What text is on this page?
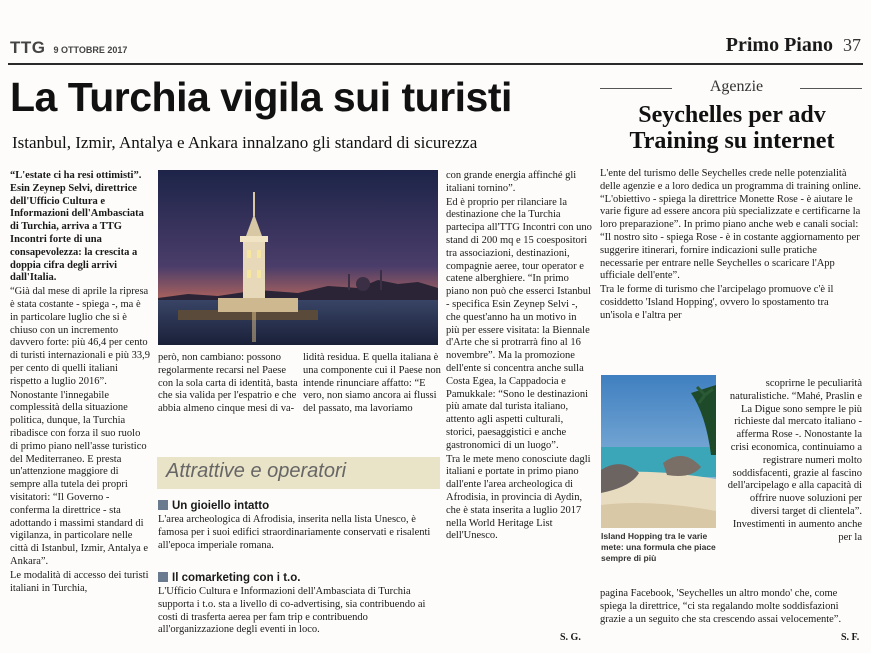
TTG 9 OTTOBRE 2017	Primo Piano 37
La Turchia vigila sui turisti
Istanbul, Izmir, Antalya e Ankara innalzano gli standard di sicurezza

“L'estate ci ha resi ottimisti”. Esin Zeynep Selvi, direttrice dell'Ufficio Cultura e Informazioni dell'Ambasciata di Turchia, arriva a TTG Incontri forte di una consapevolezza: la crescita a doppia cifra degli arrivi dall'Italia.

“Già dal mese di aprile la ripresa è stata costante - spiega -, ma è in particolare luglio che si è chiuso con un incremento davvero forte: più 46,4 per cento di turisti internazionali e più 33,9 per cento di quelli italiani rispetto a luglio 2016”.

Nonostante l'innegabile complessità della situazione politica, dunque, la Turchia ribadisce con forza il suo ruolo di primo piano nell'asse turistico del Mediterraneo. E presta un'attenzione maggiore di sempre alla tutela dei propri visitatori: “Il Governo - conferma la direttrice - sta adottando i massimi standard di vigilanza, in particolare nelle città di Istanbul, Izmir, Antalya e Ankara”.

Le modalità di accesso dei turisti italiani in Turchia,

però, non cambiano: possono regolarmente recarsi nel Paese con la sola carta di identità, basta che sia valida per l'espatrio e che abbia almeno cinque mesi di va-

lidità residua. E quella italiana è una componente cui il Paese non intende rinunciare affatto: “E vero, non siamo ancora ai flussi del passato, ma lavoriamo

Attrattive e operatori
Un gioiello intatto
L'area archeologica di Afrodisia, inserita nella lista Unesco, è famosa per i suoi edifici straordinariamente conservati e risalenti all'epoca imperiale romana.
Il comarketing con i t.o.
L'Ufficio Cultura e Informazioni dell'Ambasciata di Turchia supporta i t.o. sta a livello di co-advertising, sia contribuendo ai costi di trasferta aerea per fam trip e contribuendo all'organizzazione degli eventi in loco.

con grande energia affinché gli italiani tornino”.

Ed è proprio per rilanciare la destinazione che la Turchia partecipa all'TTG Incontri con uno stand di 200 mq e 15 coespositori tra associazioni, destinazioni, compagnie aeree, tour operator e catene alberghiere. “In primo piano non può che esserci Istanbul - specifica Esin Zeynep Selvi -, che quest'anno ha un motivo in più per essere visitata: la Biennale d'Arte che si protrarrà fino al 16 novembre”. Ma la promozione dell'ente si concentra anche sulla Costa Egea, la Cappadocia e Pamukkale: “Sono le destinazioni più amate dal turista italiano, attento agli aspetti culturali, storici, paesaggistici e anche gastronomici di un luogo”.

Tra le mete meno conosciute dagli italiani e portate in primo piano dall'ente l'area archeologica di Afrodisia, in provincia di Aydin, che è stata inserita a luglio 2017 nella World Heritage List dell'Unesco.

S. G.
Agenzie
Seychelles per adv
Training su internet

L'ente del turismo delle Seychelles crede nelle potenzialità delle agenzie e a loro dedica un programma di training online. “L'obiettivo - spiega la direttrice Monette Rose - è aiutare le varie figure ad essere ancora più specializzate e certificarne la loro preparazione”. In primo piano anche web e canali social: “Il nostro sito - spiega Rose - è in costante aggiornamento per suggerire itinerari, fornire indicazioni sulle pratiche necessarie per entrare nelle Seychelles o scaricare l'App ufficiale dell'ente”.

Tra le forme di turismo che l'arcipelago promuove c'è il cosiddetto 'Island Hopping', ovvero lo spostamento tra un'isola e l'altra per

Island Hopping tra le varie mete: una formula che piace sempre di più

scoprirne le peculiarità naturalistiche. “Mahé, Praslin e La Digue sono sempre le più richieste dal mercato italiano - afferma Rose -. Nonostante la crisi economica, continuiamo a registrare numeri molto soddisfacenti, grazie al fascino dell'arcipelago e alla capacità di offrire nuove soluzioni per diversi target di clientela”. Investimenti in aumento anche per la

pagina Facebook, 'Seychelles un altro mondo' che, come spiega la direttrice, “ci sta regalando molte soddisfazioni grazie a un seguito che sta crescendo assai velocemente”.

S. F.
